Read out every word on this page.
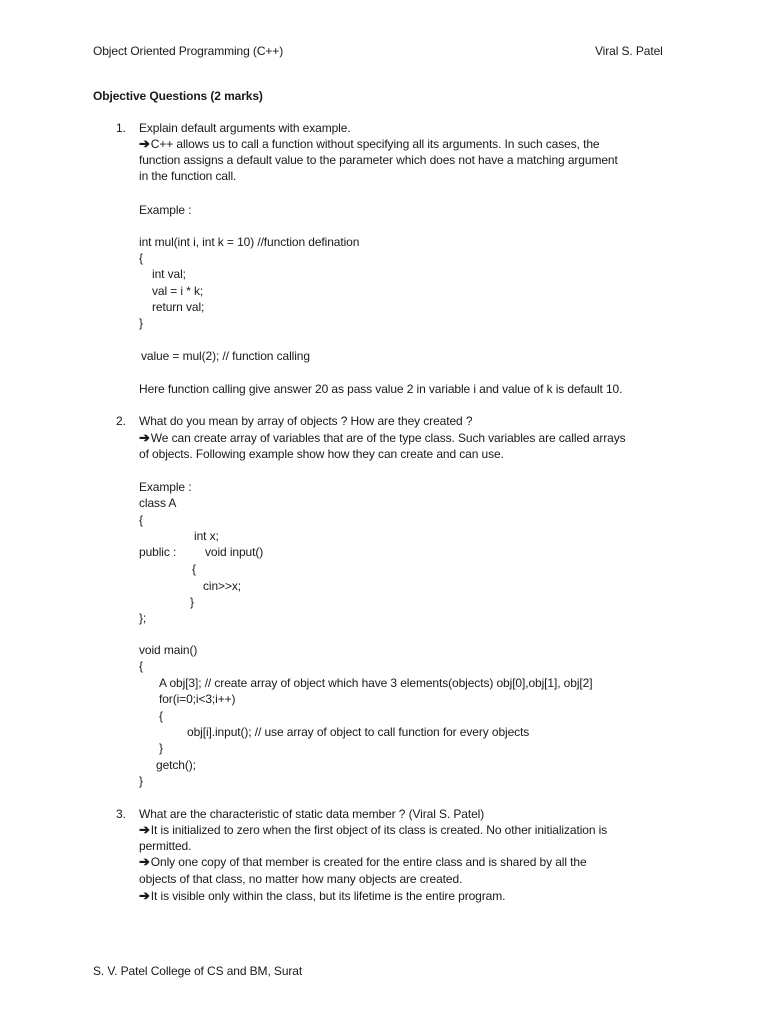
Object Oriented Programming (C++)	Viral S. Patel
Objective Questions (2 marks)
1. Explain default arguments with example.
➔C++ allows us to call a function without specifying all its arguments. In such cases, the
function assigns a default value to the parameter which does not have a matching argument
in the function call.
Example :
int mul(int i, int k = 10) //function defination
{
int val;
val = i * k;
return val;
}
value = mul(2); // function calling
Here function calling give answer 20 as pass value 2 in variable i and value of k is default 10.
2. What do you mean by array of objects ? How are they created ?
➔We can create array of variables that are of the type class. Such variables are called arrays
of objects. Following example show how they can create and can use.
Example :
class A
{
int x;
public : void input()
{
cin>>x;
}
};
void main()
{
A obj[3]; // create array of object which have 3 elements(objects) obj[0],obj[1], obj[2]
for(i=0;i<3;i++)
{
obj[i].input(); // use array of object to call function for every objects
}
getch();
}
3. What are the characteristic of static data member ? (Viral S. Patel)
➔It is initialized to zero when the first object of its class is created. No other initialization is
permitted.
➔Only one copy of that member is created for the entire class and is shared by all the
objects of that class, no matter how many objects are created.
➔It is visible only within the class, but its lifetime is the entire program.
S. V. Patel College of CS and BM, Surat
